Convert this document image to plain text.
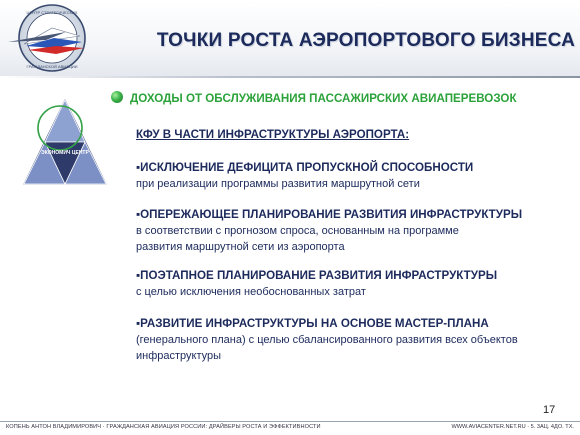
ЦЕНТР СТРАТЕГИЧЕСКИХ
ГРАЖДАНСКОЙ АВИАЦИИ
ТОЧКИ РОСТА АЭРОПОРТОВОГО БИЗНЕСА
ЭКОНОМИЧ ЦЕНТР
ДОХОДЫ ОТ ОБСЛУЖИВАНИЯ ПАССАЖИРСКИХ АВИАПЕРЕВОЗОК
КФУ В ЧАСТИ ИНФРАСТРУКТУРЫ АЭРОПОРТА:
▪ИСКЛЮЧЕНИЕ ДЕФИЦИТА ПРОПУСКНОЙ СПОСОБНОСТИ
при реализации программы развития маршрутной сети
▪ОПЕРЕЖАЮЩЕЕ ПЛАНИРОВАНИЕ РАЗВИТИЯ ИНФРАСТРУКТУРЫ
в соответствии с прогнозом спроса, основанным на программе развития маршрутной сети из аэропорта
▪ПОЭТАПНОЕ ПЛАНИРОВАНИЕ РАЗВИТИЯ ИНФРАСТРУКТУРЫ
с целью исключения необоснованных затрат
▪РАЗВИТИЕ ИНФРАСТРУКТУРЫ НА ОСНОВЕ МАСТЕР-ПЛАНА
(генерального плана) с целью сбалансированного развития всех объектов инфраструктуры
17
КОПЕНЬ АНТОН ВЛАДИМИРОВИЧ · ГРАЖДАНСКАЯ АВИАЦИЯ РОССИИ: ДРАЙВЕРЫ РОСТА И ЭФФЕКТИВНОСТИ	WWW.AVIACENTER.NET.RU · 5. 3АЦ. 4ДО. ТХ.
